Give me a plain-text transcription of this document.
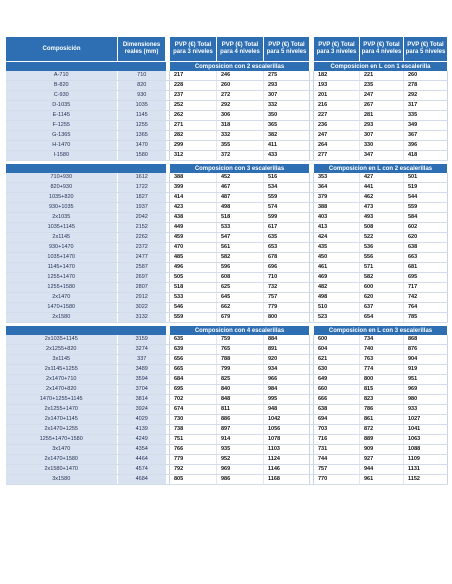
Composición	Dimensiones reales (mm)		PVP (€) Total para 3 niveles	PVP (€) Total para 4 niveles	PVP (€) Total para 5 niveles		PVP (€) Total para 3 niveles	PVP (€) Total para 4 niveles	PVP (€) Total para 5 niveles
			Composicion con 2 escalerillas				Composicion en L con 1 escalerilla		
A-710	710		217	246	275		182	221	260
B-820	820		228	260	293		193	235	278
C-930	930		237	272	307		201	247	292
D-1035	1035		252	292	332		216	267	317
E-1145	1145		262	306	350		227	281	335
F-1255	1255		271	318	365		236	293	349
G-1365	1365		282	332	382		247	307	367
H-1470	1470		299	355	411		264	330	396
I-1580	1580		312	372	433		277	347	418

			Composicion con 3 escalerillas				Composicion en L con 2 escalerillas		
710+930	1612		388	452	516		353	427	501
820+930	1722		399	467	534		364	441	519
1035+820	1827		414	487	559		379	462	544
930+1035	1937		423	498	574		388	473	559
2x1035	2042		438	518	599		403	493	584
1035+1145	2152		449	533	617		413	508	602
2x1145	2262		459	547	635		424	522	620
930+1470	2372		470	561	653		435	536	638
1035+1470	2477		485	582	678		450	556	663
1145+1470	2587		496	596	696		461	571	681
1255+1470	2697		505	608	710		469	582	695
1255+1580	2807		518	625	732		482	600	717
2x1470	2912		533	645	757		498	620	742
1470+1580	3022		546	662	779		510	637	764
2x1580	3132		559	679	800		523	654	785

			Composicion con 4 escalerillas				Composicion en L con 3 escalerillas		
2x1035+1145	3159		635	759	884		600	734	868
2x1255+820	3274		639	765	891		604	740	876
3x1145	337		656	788	920		621	763	904
2x1145+1255	3489		665	799	934		630	774	919
2x1470+710	3594		684	825	966		649	800	951
2x1470+820	3704		695	840	984		660	815	969
1470+1255+1145	3814		702	848	995		666	823	980
2x1255+1470	3924		674	811	948		638	786	933
2x1470+1145	4029		730	886	1042		694	861	1027
2x1470+1255	4139		738	897	1056		703	872	1041
1255+1470+1580	4249		751	914	1078		716	889	1063
3x1470	4354		766	935	1103		731	909	1088
2x1470+1580	4464		779	952	1124		744	927	1109
2x1580+1470	4574		792	969	1146		757	944	1131
3x1580	4684		805	986	1168		770	961	1152
